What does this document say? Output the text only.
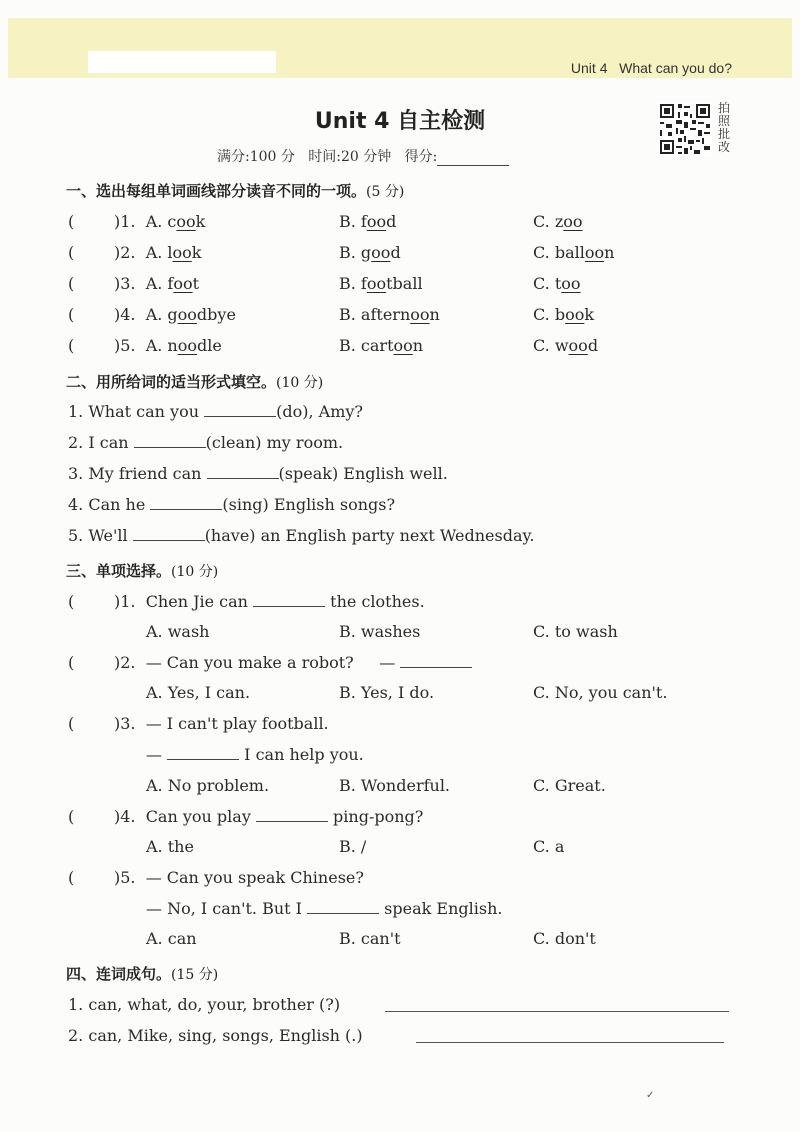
Unit 4   What can you do?
Unit 4 自主检测
满分:100 分 时间:20 分钟 得分:
拍照批改
一、选出每组单词画线部分读音不同的一项。(5 分)
( )1. A. cook	B. food	C. zoo
( )2. A. look	B. good	C. balloon
( )3. A. foot	B. football	C. too
( )4. A. goodbye	B. afternoon	C. book
( )5. A. noodle	B. cartoon	C. wood
二、用所给词的适当形式填空。(10 分)
1. What can you	(do), Amy?
2. I can	(clean) my room.
3. My friend can	(speak) English well.
4. Can he	(sing) English songs?
5. We'll	(have) an English party next Wednesday.
三、单项选择。(10 分)
( )1. Chen Jie can	the clothes.
A. wash	B. washes	C. to wash
( )2. — Can you make a robot?     —
A. Yes, I can.	B. Yes, I do.	C. No, you can't.
( )3. — I can't play football.
—	I can help you.
A. No problem.	B. Wonderful.	C. Great.
( )4. Can you play	ping-pong?
A. the	B. /	C. a
( )5. — Can you speak Chinese?
— No, I can't. But I	speak English.
A. can	B. can't	C. don't
四、连词成句。(15 分)
1. can, what, do, your, brother (?)
2. can, Mike, sing, songs, English (.)
✓
